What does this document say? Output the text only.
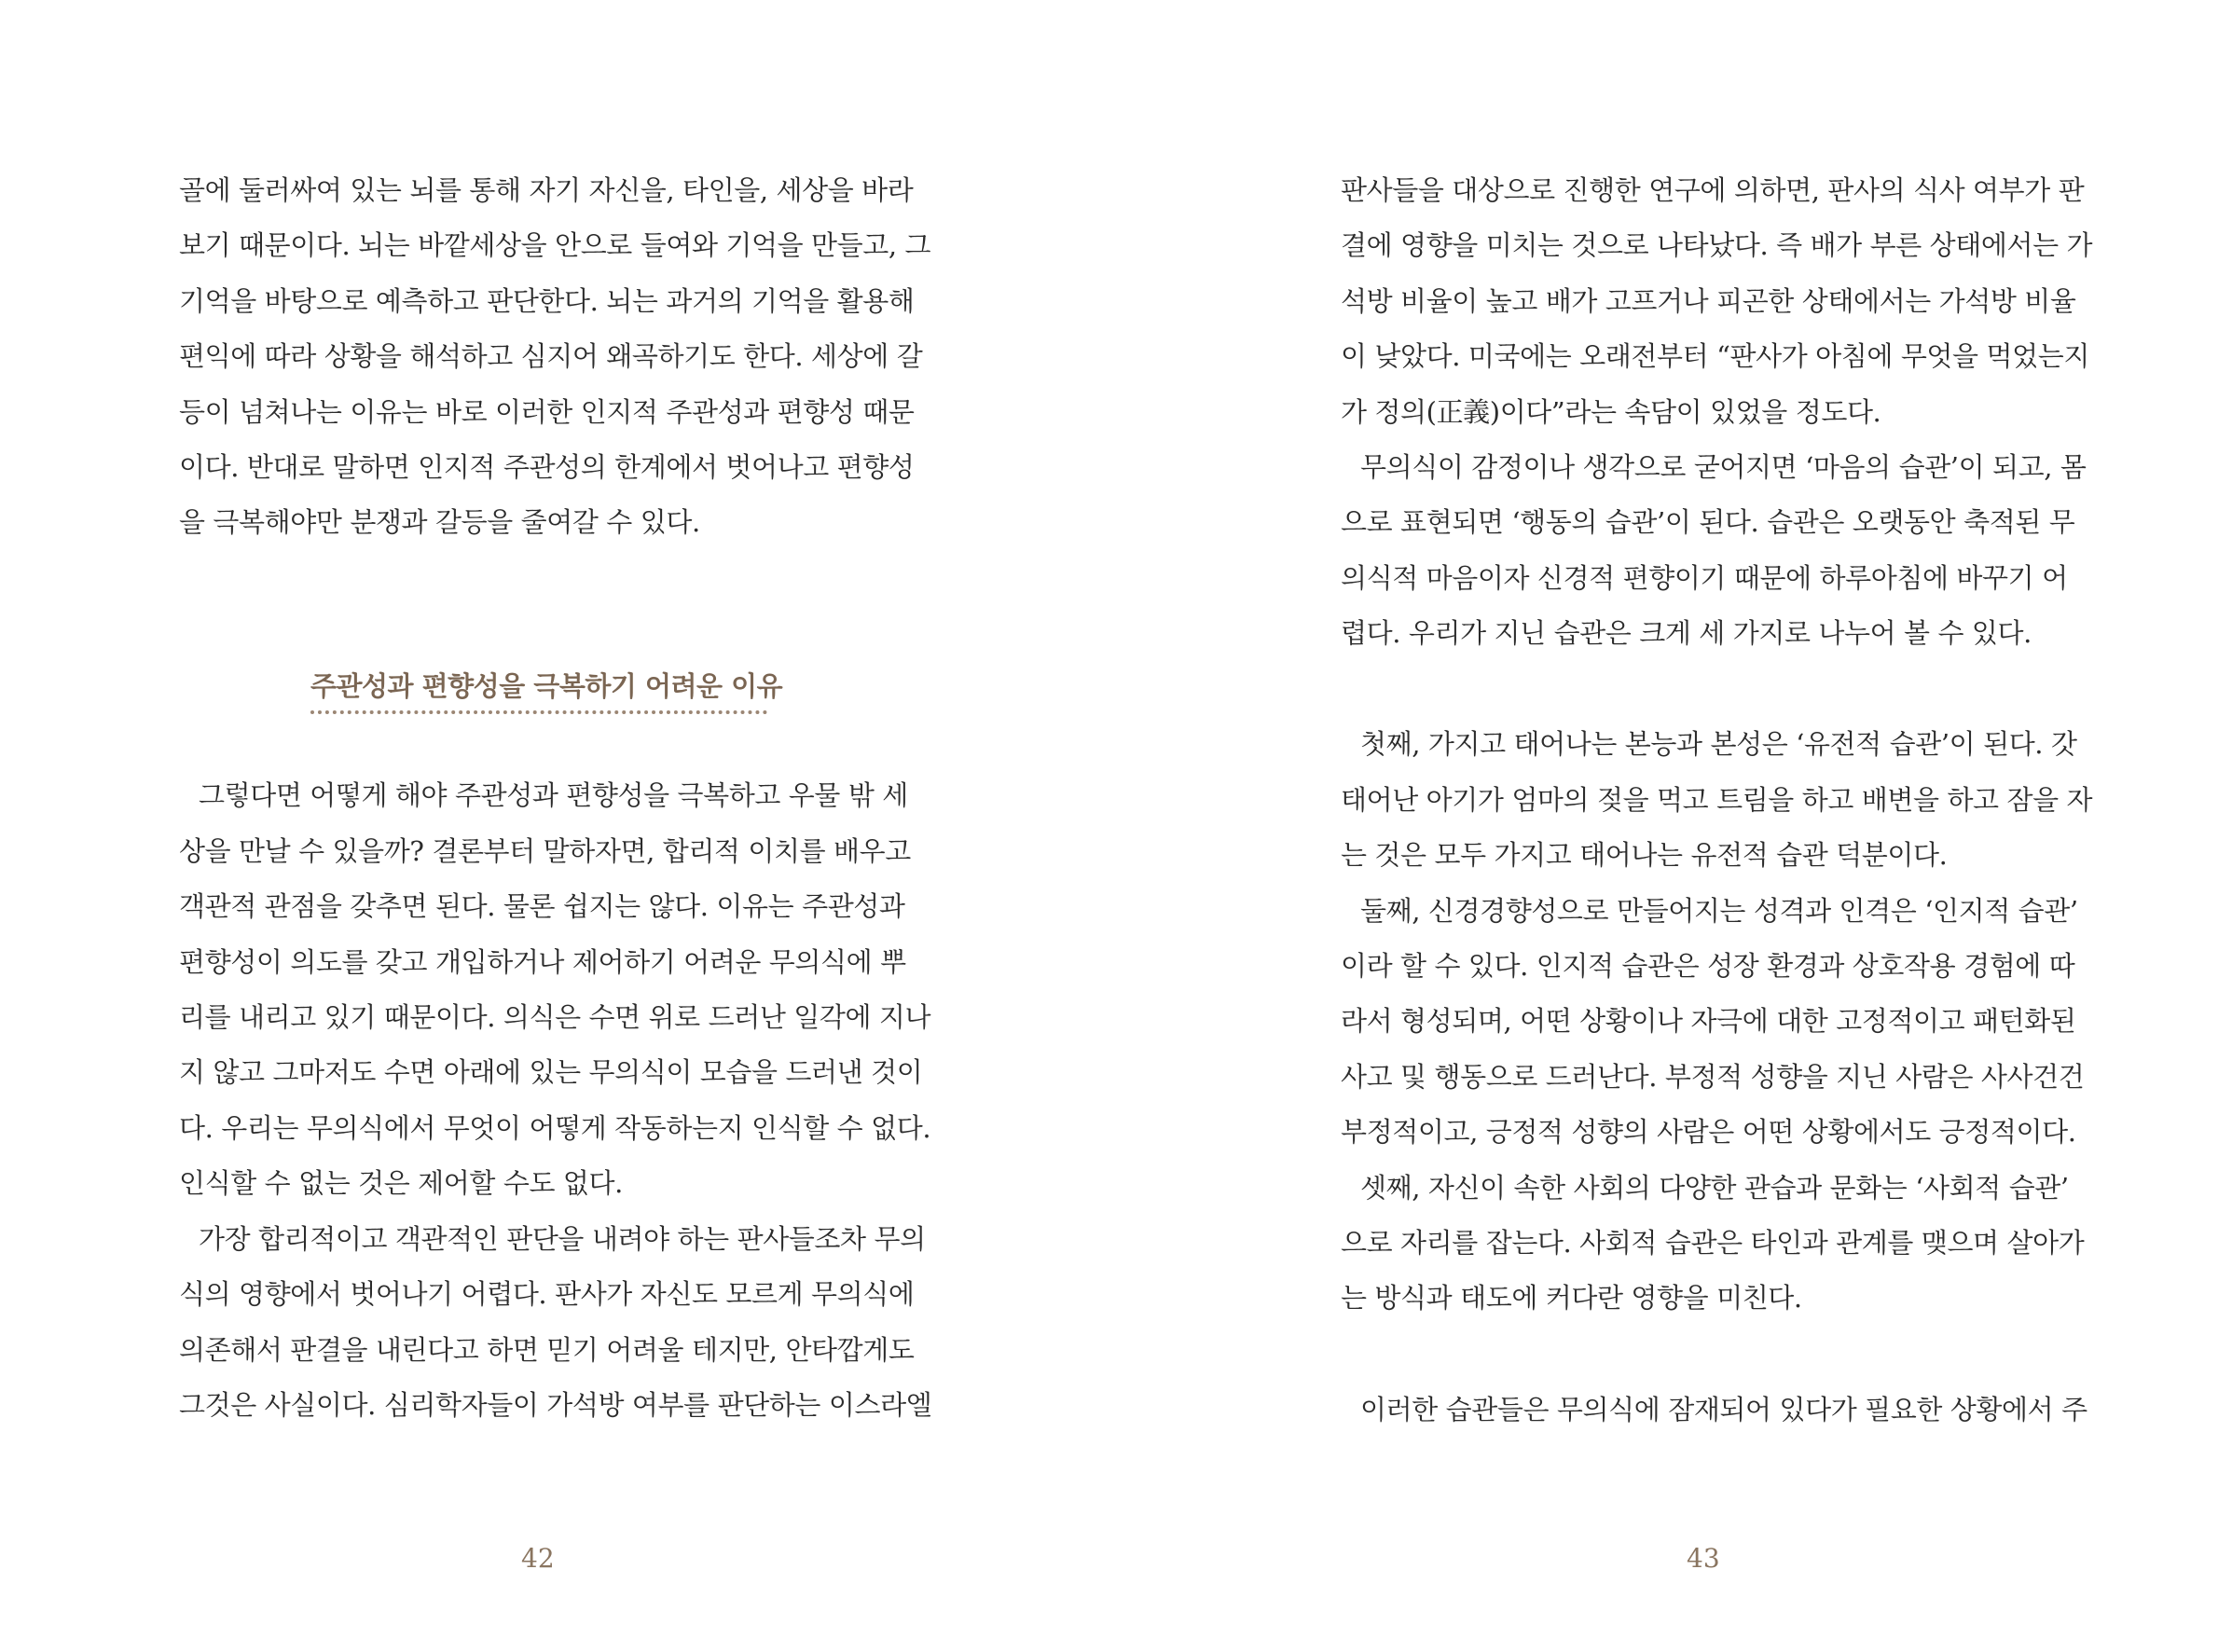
골에 둘러싸여 있는 뇌를 통해 자기 자신을, 타인을, 세상을 바라
보기 때문이다. 뇌는 바깥세상을 안으로 들여와 기억을 만들고, 그
기억을 바탕으로 예측하고 판단한다. 뇌는 과거의 기억을 활용해
편익에 따라 상황을 해석하고 심지어 왜곡하기도 한다. 세상에 갈
등이 넘쳐나는 이유는 바로 이러한 인지적 주관성과 편향성 때문
이다. 반대로 말하면 인지적 주관성의 한계에서 벗어나고 편향성
을 극복해야만 분쟁과 갈등을 줄여갈 수 있다.
주관성과 편향성을 극복하기 어려운 이유
그렇다면 어떻게 해야 주관성과 편향성을 극복하고 우물 밖 세
상을 만날 수 있을까? 결론부터 말하자면, 합리적 이치를 배우고
객관적 관점을 갖추면 된다. 물론 쉽지는 않다. 이유는 주관성과
편향성이 의도를 갖고 개입하거나 제어하기 어려운 무의식에 뿌
리를 내리고 있기 때문이다. 의식은 수면 위로 드러난 일각에 지나
지 않고 그마저도 수면 아래에 있는 무의식이 모습을 드러낸 것이
다. 우리는 무의식에서 무엇이 어떻게 작동하는지 인식할 수 없다.
인식할 수 없는 것은 제어할 수도 없다.
가장 합리적이고 객관적인 판단을 내려야 하는 판사들조차 무의
식의 영향에서 벗어나기 어렵다. 판사가 자신도 모르게 무의식에
의존해서 판결을 내린다고 하면 믿기 어려울 테지만, 안타깝게도
그것은 사실이다. 심리학자들이 가석방 여부를 판단하는 이스라엘
42
판사들을 대상으로 진행한 연구에 의하면, 판사의 식사 여부가 판
결에 영향을 미치는 것으로 나타났다. 즉 배가 부른 상태에서는 가
석방 비율이 높고 배가 고프거나 피곤한 상태에서는 가석방 비율
이 낮았다. 미국에는 오래전부터 “판사가 아침에 무엇을 먹었는지
가 정의(正義)이다”라는 속담이 있었을 정도다.
무의식이 감정이나 생각으로 굳어지면 ‘마음의 습관’이 되고, 몸
으로 표현되면 ‘행동의 습관’이 된다. 습관은 오랫동안 축적된 무
의식적 마음이자 신경적 편향이기 때문에 하루아침에 바꾸기 어
렵다. 우리가 지닌 습관은 크게 세 가지로 나누어 볼 수 있다.
첫째, 가지고 태어나는 본능과 본성은 ‘유전적 습관’이 된다. 갓
태어난 아기가 엄마의 젖을 먹고 트림을 하고 배변을 하고 잠을 자
는 것은 모두 가지고 태어나는 유전적 습관 덕분이다.
둘째, 신경경향성으로 만들어지는 성격과 인격은 ‘인지적 습관’
이라 할 수 있다. 인지적 습관은 성장 환경과 상호작용 경험에 따
라서 형성되며, 어떤 상황이나 자극에 대한 고정적이고 패턴화된
사고 및 행동으로 드러난다. 부정적 성향을 지닌 사람은 사사건건
부정적이고, 긍정적 성향의 사람은 어떤 상황에서도 긍정적이다.
셋째, 자신이 속한 사회의 다양한 관습과 문화는 ‘사회적 습관’
으로 자리를 잡는다. 사회적 습관은 타인과 관계를 맺으며 살아가
는 방식과 태도에 커다란 영향을 미친다.
이러한 습관들은 무의식에 잠재되어 있다가 필요한 상황에서 주
43
